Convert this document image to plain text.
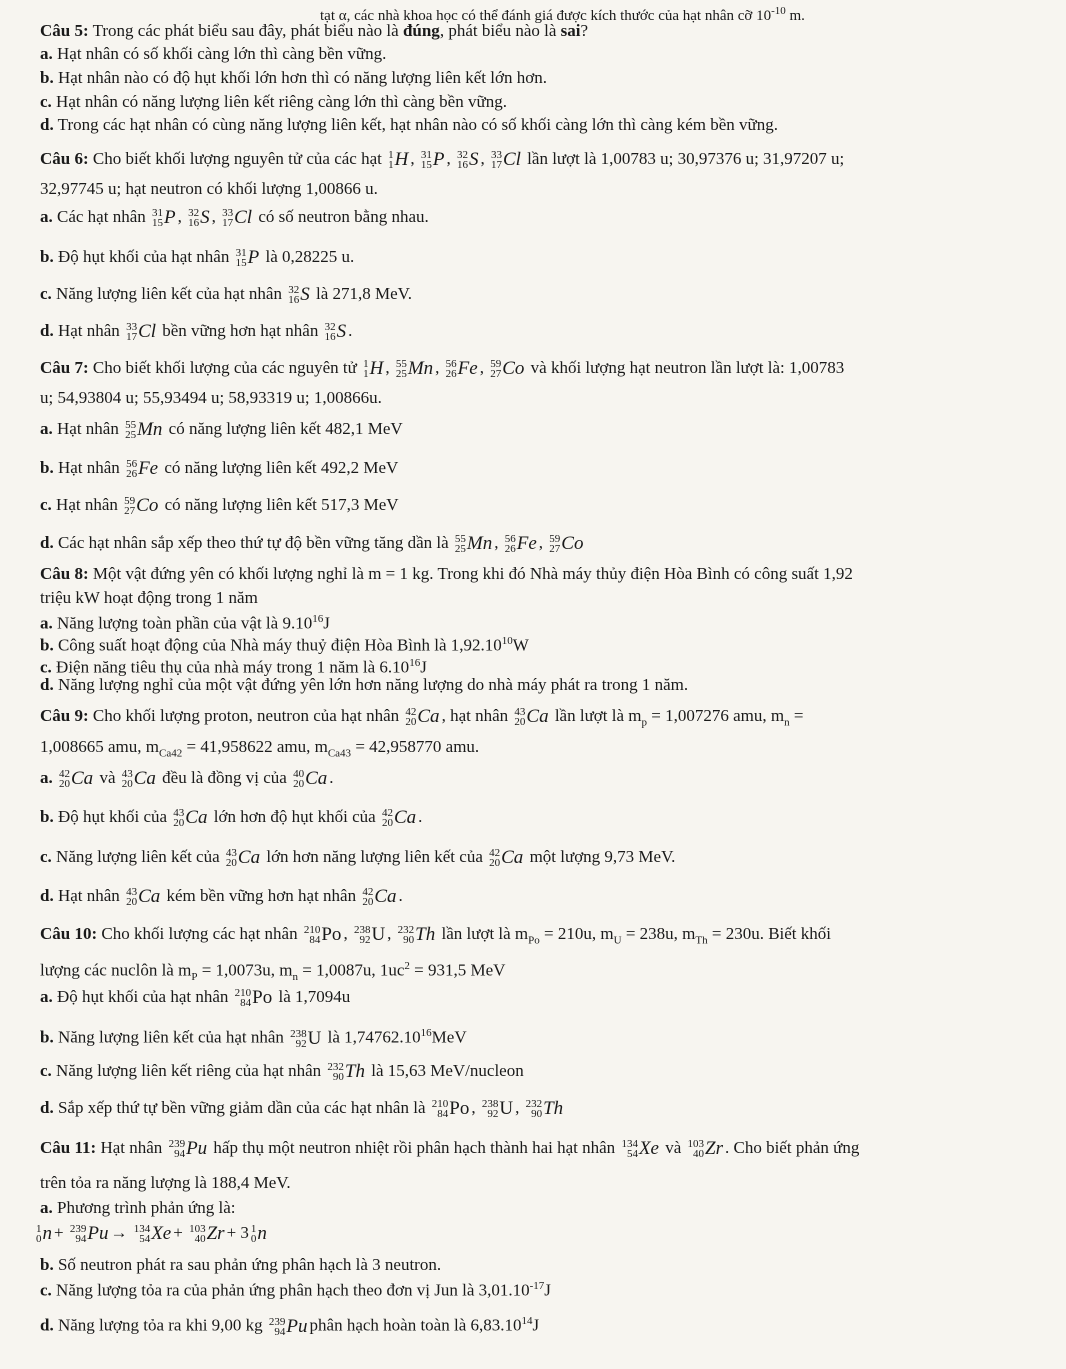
tạt α, các nhà khoa học có thể đánh giá được kích thước của hạt nhân cỡ $10^{-10}$ m.
Câu 5: Trong các phát biểu sau đây, phát biểu nào là đúng, phát biểu nào là sai?
a. Hạt nhân có số khối càng lớn thì càng bền vững.
b. Hạt nhân nào có độ hụt khối lớn hơn thì có năng lượng liên kết lớn hơn.
c. Hạt nhân có năng lượng liên kết riêng càng lớn thì càng bền vững.
d. Trong các hạt nhân có cùng năng lượng liên kết, hạt nhân nào có số khối càng lớn thì càng kém bền vững.
Câu 6: Cho biết khối lượng nguyên tử của các hạt 1
1 H , 31
15 P , 32
16 S , 33
17 Cl lần lượt là 1,00783 u; 30,97376 u; 31,97207 u;
32,97745 u; hạt neutron có khối lượng 1,00866 u.
a. Các hạt nhân 31
15 P , 32
16 S , 33
17 Cl có số neutron bằng nhau.
b. Độ hụt khối của hạt nhân 31
15 P là 0,28225 u.
c. Năng lượng liên kết của hạt nhân 32
16 S là 271,8 MeV.
d. Hạt nhân 33
17 Cl bền vững hơn hạt nhân 32
16 S .
Câu 7: Cho biết khối lượng của các nguyên tử 1
1 H , 55
25 Mn , 56
26 Fe , 59
27 Co và khối lượng hạt neutron lần lượt là: 1,00783
u; 54,93804 u; 55,93494 u; 58,93319 u; 1,00866u.
a. Hạt nhân 55
25 Mn có năng lượng liên kết 482,1 MeV
b. Hạt nhân 56
26 Fe có năng lượng liên kết 492,2 MeV
c. Hạt nhân 59
27 Co có năng lượng liên kết 517,3 MeV
d. Các hạt nhân sắp xếp theo thứ tự độ bền vững tăng dần là 55
25 Mn , 56
26 Fe , 59
27 Co
Câu 8: Một vật đứng yên có khối lượng nghỉ là m = 1 kg. Trong khi đó Nhà máy thủy điện Hòa Bình có công suất 1,92
triệu kW hoạt động trong 1 năm
a. Năng lượng toàn phần của vật là 9.10$^{16}$J
b. Công suất hoạt động của Nhà máy thuỷ điện Hòa Bình là 1,92.10$^{10}$W
c. Điện năng tiêu thụ của nhà máy trong 1 năm là 6.10$^{16}$J
d. Năng lượng nghỉ của một vật đứng yên lớn hơn năng lượng do nhà máy phát ra trong 1 năm.
Câu 9: Cho khối lượng proton, neutron của hạt nhân 42
20 Ca , hạt nhân 43
20 Ca lần lượt là $m_p = 1,007276$ amu, $m_n$ =
1,008665 amu, $m_{Ca42} = 41,958622$ amu, $m_{Ca43} = 42,958770$ amu.
a. 42
20 Ca và 43
20 Ca đều là đồng vị của 40
20 Ca .
b. Độ hụt khối của 43
20 Ca lớn hơn độ hụt khối của 42
20 Ca .
c. Năng lượng liên kết của 43
20 Ca lớn hơn năng lượng liên kết của 42
20 Ca một lượng 9,73 MeV.
d. Hạt nhân 43
20 Ca kém bền vững hơn hạt nhân 42
20 Ca .
Câu 10: Cho khối lượng các hạt nhân 210
84 Po , 238
92 U , 232
90 Th lần lượt là $m_{Po} = 210u$, $m_U = 238u$, $m_{Th} = 230u$. Biết khối
lượng các nuclôn là $m_P = 1,0073u$, $m_n = 1,0087u$, $1uc^2 = 931,5$ MeV
a. Độ hụt khối của hạt nhân 210
84 Po là 1,7094u
b. Năng lượng liên kết của hạt nhân 238
92 U là 1,74762.10$^{16}$MeV
c. Năng lượng liên kết riêng của hạt nhân 232
90 Th là 15,63 MeV/nucleon
d. Sắp xếp thứ tự bền vững giảm dần của các hạt nhân là 210
84 Po , 238
92 U , 232
90 Th
Câu 11: Hạt nhân 239
94 Pu hấp thụ một neutron nhiệt rồi phân hạch thành hai hạt nhân 134
54 Xe và 103
40 Zr . Cho biết phản ứng
trên tỏa ra năng lượng là 188,4 MeV.
a. Phương trình phản ứng là:
1
0 n + 239
94 Pu → 134
54 Xe + 103
40 Zr + 3 1
0 n
b. Số neutron phát ra sau phản ứng phân hạch là 3 neutron.
c. Năng lượng tỏa ra của phản ứng phân hạch theo đơn vị Jun là $3,01.10^{-17}J$
d. Năng lượng tỏa ra khi 9,00 kg 239
94 Pu phân hạch hoàn toàn là 6,83.10$^{14}$J
